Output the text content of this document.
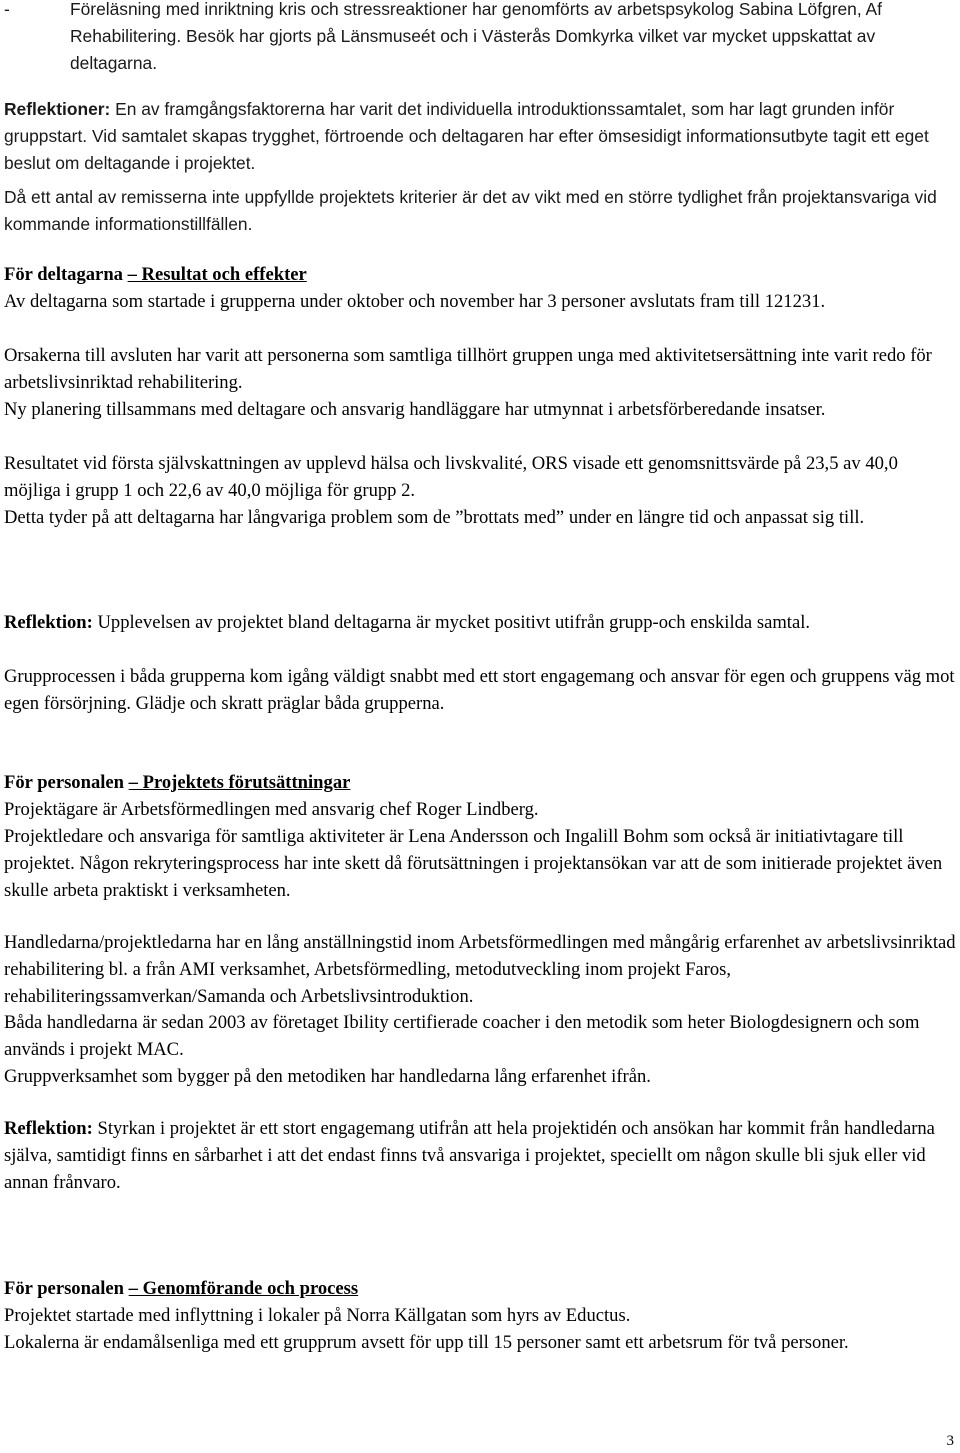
-	Föreläsning med inriktning kris och stressreaktioner har genomförts av arbetspsykolog Sabina Löfgren, Af Rehabilitering. Besök har gjorts på Länsmuseét och i Västerås Domkyrka vilket var mycket uppskattat av deltagarna.

Reflektioner: En av framgångsfaktorerna har varit det individuella introduktionssamtalet, som har lagt grunden inför gruppstart. Vid samtalet skapas trygghet, förtroende och deltagaren har efter ömsesidigt informationsutbyte tagit ett eget beslut om deltagande i projektet.

Då ett antal av remisserna inte uppfyllde projektets kriterier är det av vikt med en större tydlighet från projektansvariga vid kommande informationstillfällen.

För deltagarna – Resultat och effekter

Av deltagarna som startade i grupperna under oktober och november har 3 personer avslutats fram till 121231.

Orsakerna till avsluten har varit att personerna som samtliga tillhört gruppen unga med aktivitetsersättning inte varit redo för arbetslivsinriktad rehabilitering.

Ny planering tillsammans med deltagare och ansvarig handläggare har utmynnat i arbetsförberedande insatser.

Resultatet vid första självskattningen av upplevd hälsa och livskvalité, ORS visade ett genomsnittsvärde på 23,5 av 40,0 möjliga i grupp 1 och 22,6 av 40,0 möjliga för grupp 2.

Detta tyder på att deltagarna har långvariga problem som de ”brottats med” under en längre tid och anpassat sig till.

Reflektion: Upplevelsen av projektet bland deltagarna är mycket positivt utifrån grupp-och enskilda samtal.

Grupprocessen i båda grupperna kom igång väldigt snabbt med ett stort engagemang och ansvar för egen och gruppens väg mot egen försörjning. Glädje och skratt präglar båda grupperna.

För personalen – Projektets förutsättningar

Projektägare är Arbetsförmedlingen med ansvarig chef Roger Lindberg.

Projektledare och ansvariga för samtliga aktiviteter är Lena Andersson och Ingalill Bohm som också är initiativtagare till projektet. Någon rekryteringsprocess har inte skett då förutsättningen i projektansökan var att de som initierade projektet även skulle arbeta praktiskt i verksamheten.

Handledarna/projektledarna har en lång anställningstid inom Arbetsförmedlingen med mångårig erfarenhet av arbetslivsinriktad rehabilitering bl. a från AMI verksamhet, Arbetsförmedling, metodutveckling inom projekt Faros, rehabiliteringssamverkan/Samanda och Arbetslivsintroduktion.

Båda handledarna är sedan 2003 av företaget Ibility certifierade coacher i den metodik som heter Biologdesignern och som används i projekt MAC.

Gruppverksamhet som bygger på den metodiken har handledarna lång erfarenhet ifrån.

Reflektion: Styrkan i projektet är ett stort engagemang utifrån att hela projektidén och ansökan har kommit från handledarna själva, samtidigt finns en sårbarhet i att det endast finns två ansvariga i projektet, speciellt om någon skulle bli sjuk eller vid annan frånvaro.

För personalen – Genomförande och process

Projektet startade med inflyttning i lokaler på Norra Källgatan som hyrs av Eductus.

Lokalerna är endamålsenliga med ett grupprum avsett för upp till 15 personer samt ett arbetsrum för två personer.

3
